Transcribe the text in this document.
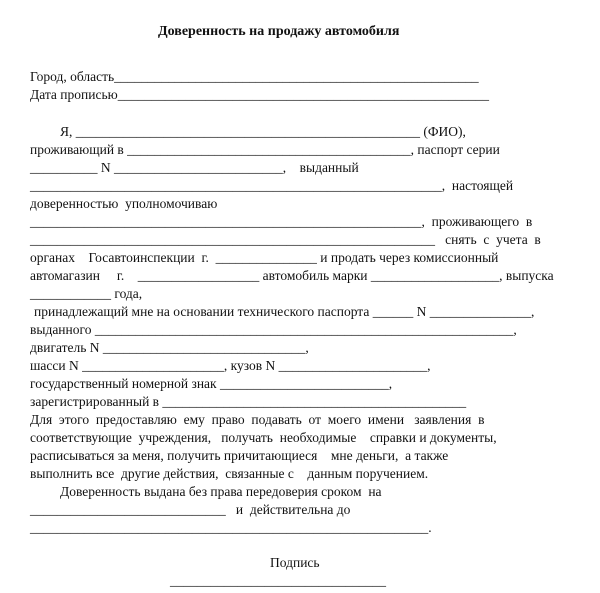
Доверенность на продажу автомобиля
Город, область______________________________________________________
Дата прописью_______________________________________________________
Я, ___________________________________________________ (ФИО),
проживающий в __________________________________________, паспорт серии
__________ N _________________________,    выданный
_____________________________________________________________,  настоящей
доверенностью  уполномочиваю
__________________________________________________________,  проживающего  в
____________________________________________________________   снять  с  учета  в
органах    Госавтоинспекции  г.  _______________ и продать через комиссионный
автомагазин     г.    __________________ автомобиль марки ___________________, выпуска
____________ года,
принадлежащий мне на основании технического паспорта ______ N _______________,
выданного ______________________________________________________________,
двигатель N ______________________________,
шасси N _____________________, кузов N ______________________,
государственный номерной знак _________________________,
зарегистрированный в _____________________________________________
Для  этого  предоставляю  ему  право  подавать  от  моего  имени   заявления  в
соответствующие  учреждения,   получать  необходимые    справки и документы,
расписываться за меня, получить причитающиеся    мне деньги,  а также
выполнить все  другие действия,  связанные с    данным поручением.
Доверенность выдана без права передоверия сроком  на
_____________________________   и  действительна до
___________________________________________________________.
Подпись
________________________________
